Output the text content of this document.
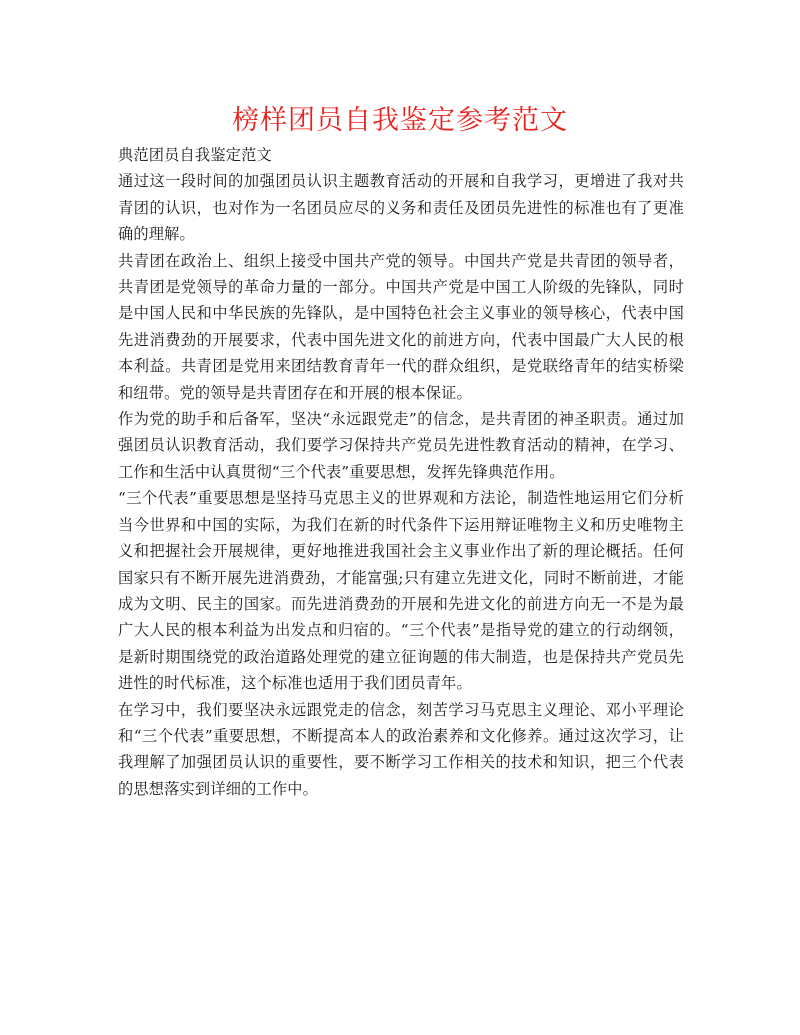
榜样团员自我鉴定参考范文

典范团员自我鉴定范文

通过这一段时间的加强团员认识主题教育活动的开展和自我学习，更增进了我对共青团的认识，也对作为一名团员应尽的义务和责任及团员先进性的标准也有了更准确的理解。

共青团在政治上、组织上接受中国共产党的领导。中国共产党是共青团的领导者，共青团是党领导的革命力量的一部分。中国共产党是中国工人阶级的先锋队，同时是中国人民和中华民族的先锋队，是中国特色社会主义事业的领导核心，代表中国先进消费劲的开展要求，代表中国先进文化的前进方向，代表中国最广大人民的根本利益。共青团是党用来团结教育青年一代的群众组织，是党联络青年的结实桥梁和纽带。党的领导是共青团存在和开展的根本保证。

作为党的助手和后备军，坚决“永远跟党走”的信念，是共青团的神圣职责。通过加强团员认识教育活动，我们要学习保持共产党员先进性教育活动的精神，在学习、工作和生活中认真贯彻“三个代表”重要思想，发挥先锋典范作用。

“三个代表”重要思想是坚持马克思主义的世界观和方法论，制造性地运用它们分析当今世界和中国的实际，为我们在新的时代条件下运用辩证唯物主义和历史唯物主义和把握社会开展规律，更好地推进我国社会主义事业作出了新的理论概括。任何国家只有不断开展先进消费劲，才能富强;只有建立先进文化，同时不断前进，才能成为文明、民主的国家。而先进消费劲的开展和先进文化的前进方向无一不是为最广大人民的根本利益为出发点和归宿的。“三个代表”是指导党的建立的行动纲领，是新时期围绕党的政治道路处理党的建立征询题的伟大制造，也是保持共产党员先进性的时代标准，这个标准也适用于我们团员青年。

在学习中，我们要坚决永远跟党走的信念，刻苦学习马克思主义理论、邓小平理论和“三个代表”重要思想，不断提高本人的政治素养和文化修养。通过这次学习，让我理解了加强团员认识的重要性，要不断学习工作相关的技术和知识，把三个代表的思想落实到详细的工作中。
